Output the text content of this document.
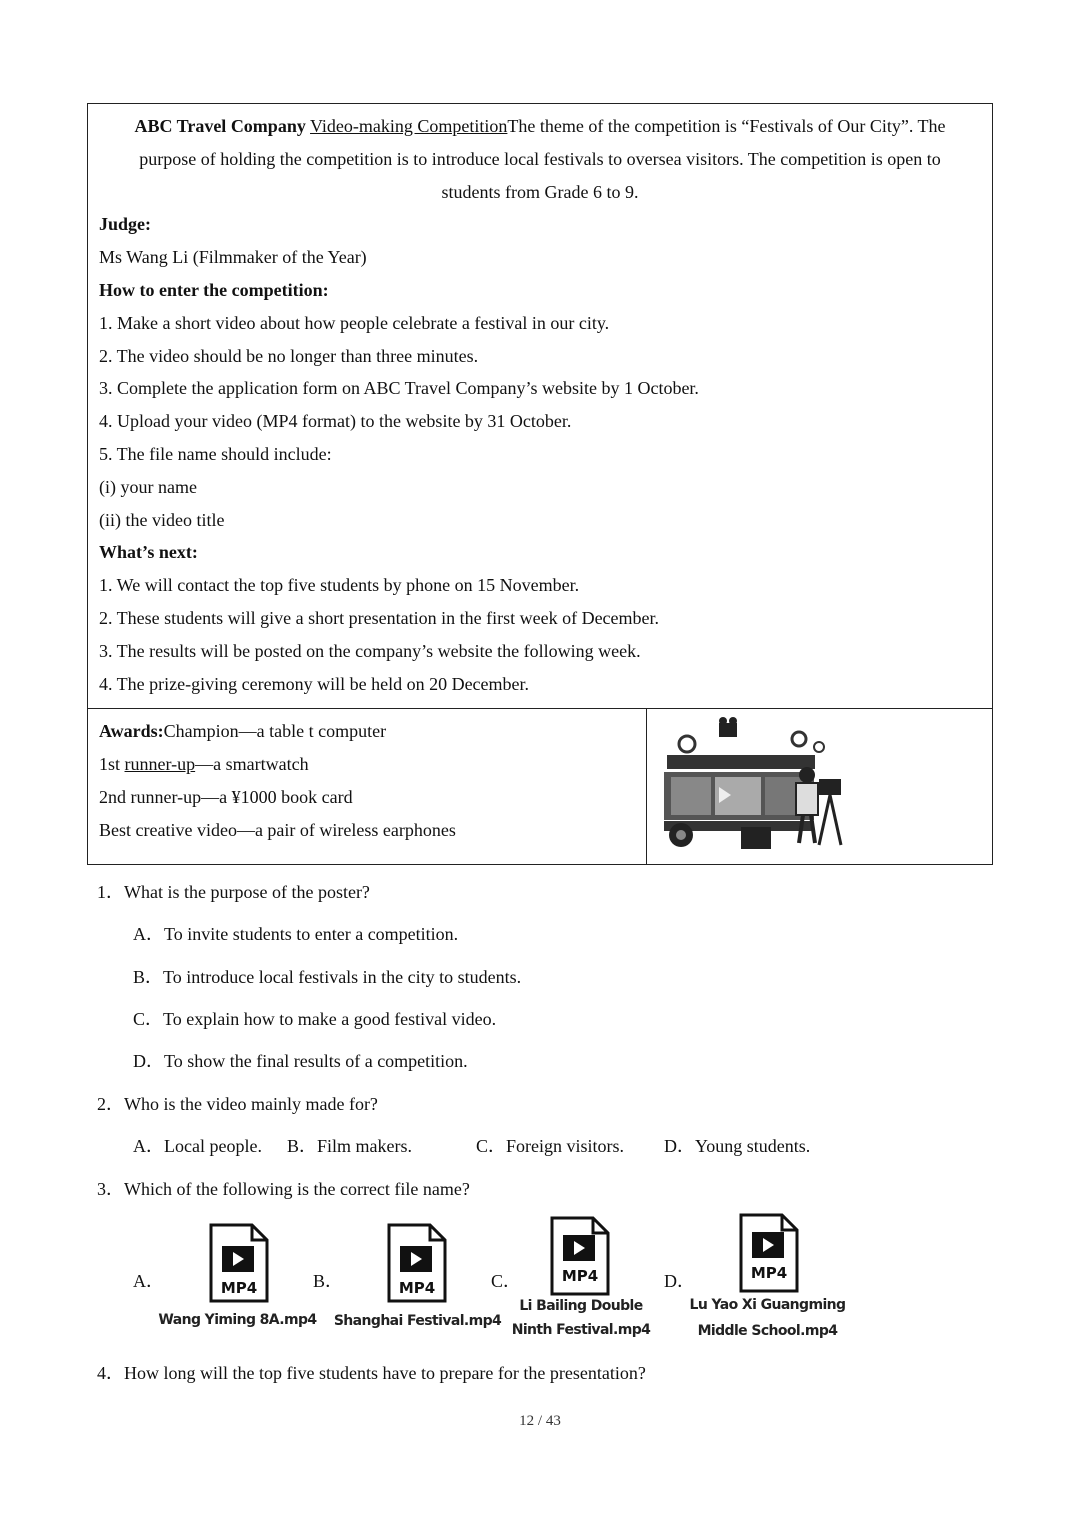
ABC Travel Company Video-making CompetitionThe theme of the competition is “Festivals of Our City”. The purpose of holding the competition is to introduce local festivals to oversea visitors. The competition is open to students from Grade 6 to 9.
Judge:
Ms Wang Li (Filmmaker of the Year)
How to enter the competition:
1. Make a short video about how people celebrate a festival in our city.
2. The video should be no longer than three minutes.
3. Complete the application form on ABC Travel Company’s website by 1 October.
4. Upload your video (MP4 format) to the website by 31 October.
5. The file name should include:
(i) your name
(ii) the video title
What’s next:
1. We will contact the top five students by phone on 15 November.
2. These students will give a short presentation in the first week of December.
3. The results will be posted on the company’s website the following week.
4. The prize-giving ceremony will be held on 20 December.
Awards:Champion—a table t computer
1st runner-up—a smartwatch
2nd runner-up—a ¥1000 book card
Best creative video—a pair of wireless earphones
1．What is the purpose of the poster?
A．To invite students to enter a competition.
B．To introduce local festivals in the city to students.
C．To explain how to make a good festival video.
D．To show the final results of a competition.
2．Who is the video mainly made for?
A．Local people. B．Film makers.	C．Foreign visitors. D．Young students.
3．Which of the following is the correct file name?
A．	B．	C．	D．
MP4
Wang Yiming 8A.mp4
MP4
Shanghai Festival.mp4
MP4
Li Bailing Double
Ninth Festival.mp4
MP4
Lu Yao Xi Guangming
Middle School.mp4
4．How long will the top five students have to prepare for the presentation?
12 / 43
